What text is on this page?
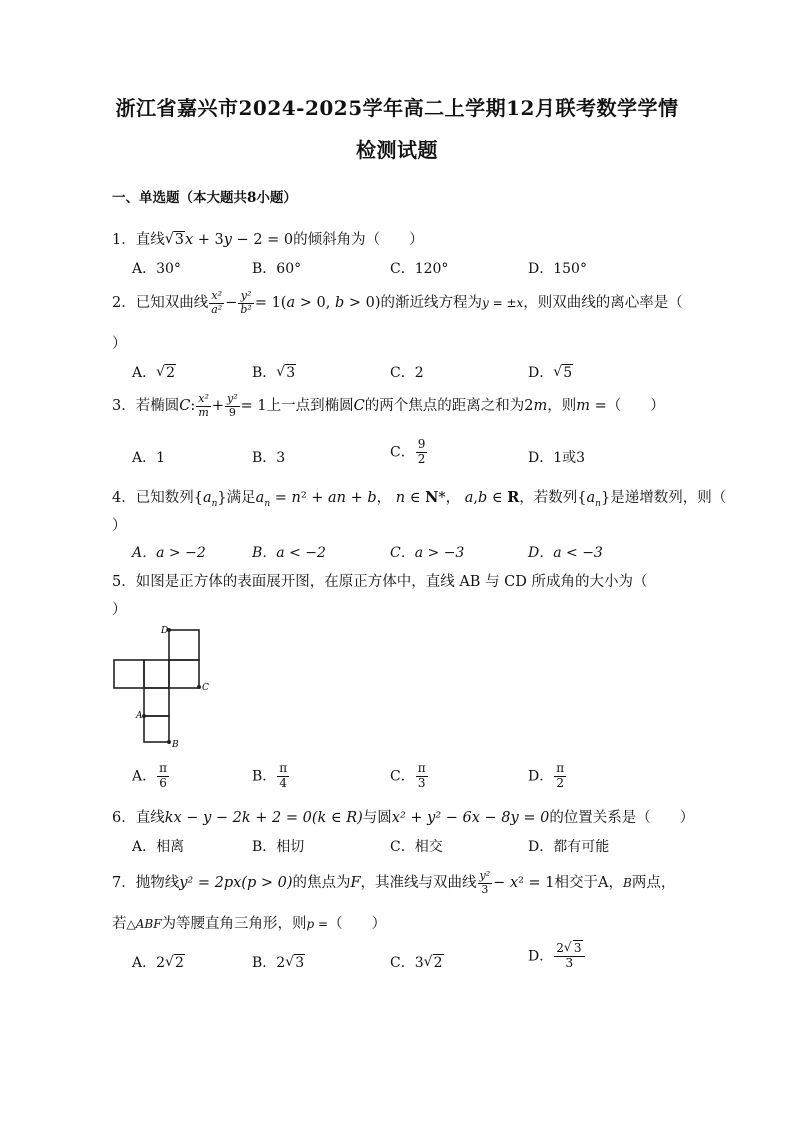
浙江省嘉兴市2024-2025学年高二上学期12月联考数学学情
检测试题
一、单选题（本大题共8小题）
1．直线 √ 3x + 3y − 2 = 0的倾斜角为（　　）
A．30°	B．60°	C．120°	D．150°
2．已知双曲线 $\frac{\text{x²}}{\text{a²}} - \frac{\text{y²}}{\text{b²}} = 1(a > 0$, b > 0)的渐近线方程为y = ±x，则双曲线的离心率是（
）
A． √ 2	B． √ 3	C．2	D． √ 5
3．若椭圆C: $\frac{\text{x²}}{m} + \frac{\text{y²}}{9} = 1$上一点到椭圆C的两个焦点的距离之和为2m，则m =（　　）
A．1	B．3	C． $\frac{9}{2}$	D．1或3
4．已知数列$\{a_n\}$满足$a_n = n^2$ + an + b， n ∈ N*， a,b ∈ R，若数列$\{a_n\}$是递增数列，则（
）
A．a > −2	B．a < −2	C．a > −3	D．a < −3
5．如图是正方体的表面展开图，在原正方体中，直线 AB 与 CD 所成角的大小为（
）
D
C
A
B
A． $\frac{\pi}{6}$	B． $\frac{\pi}{4}$	C． $\frac{\pi}{3}$	D． $\frac{\pi}{2}$
6．直线kx − y − 2k + 2 = 0(k ∈ R)与圆x² + y² − 6x − 8y = 0的位置关系是（　　）
A．相离	B．相切	C．相交	D．都有可能
7．抛物线y² = 2px(p > 0)的焦点为F，其准线与双曲线 $\frac{\text{y²}}{3} - x^2 = 1$相交于A，B两点，
若△ABF为等腰直角三角形，则p =（　　）
A．2 √ 2	B．2 √ 3	C．3 √ 2	D． $\frac{2 √ 3}{3}$
